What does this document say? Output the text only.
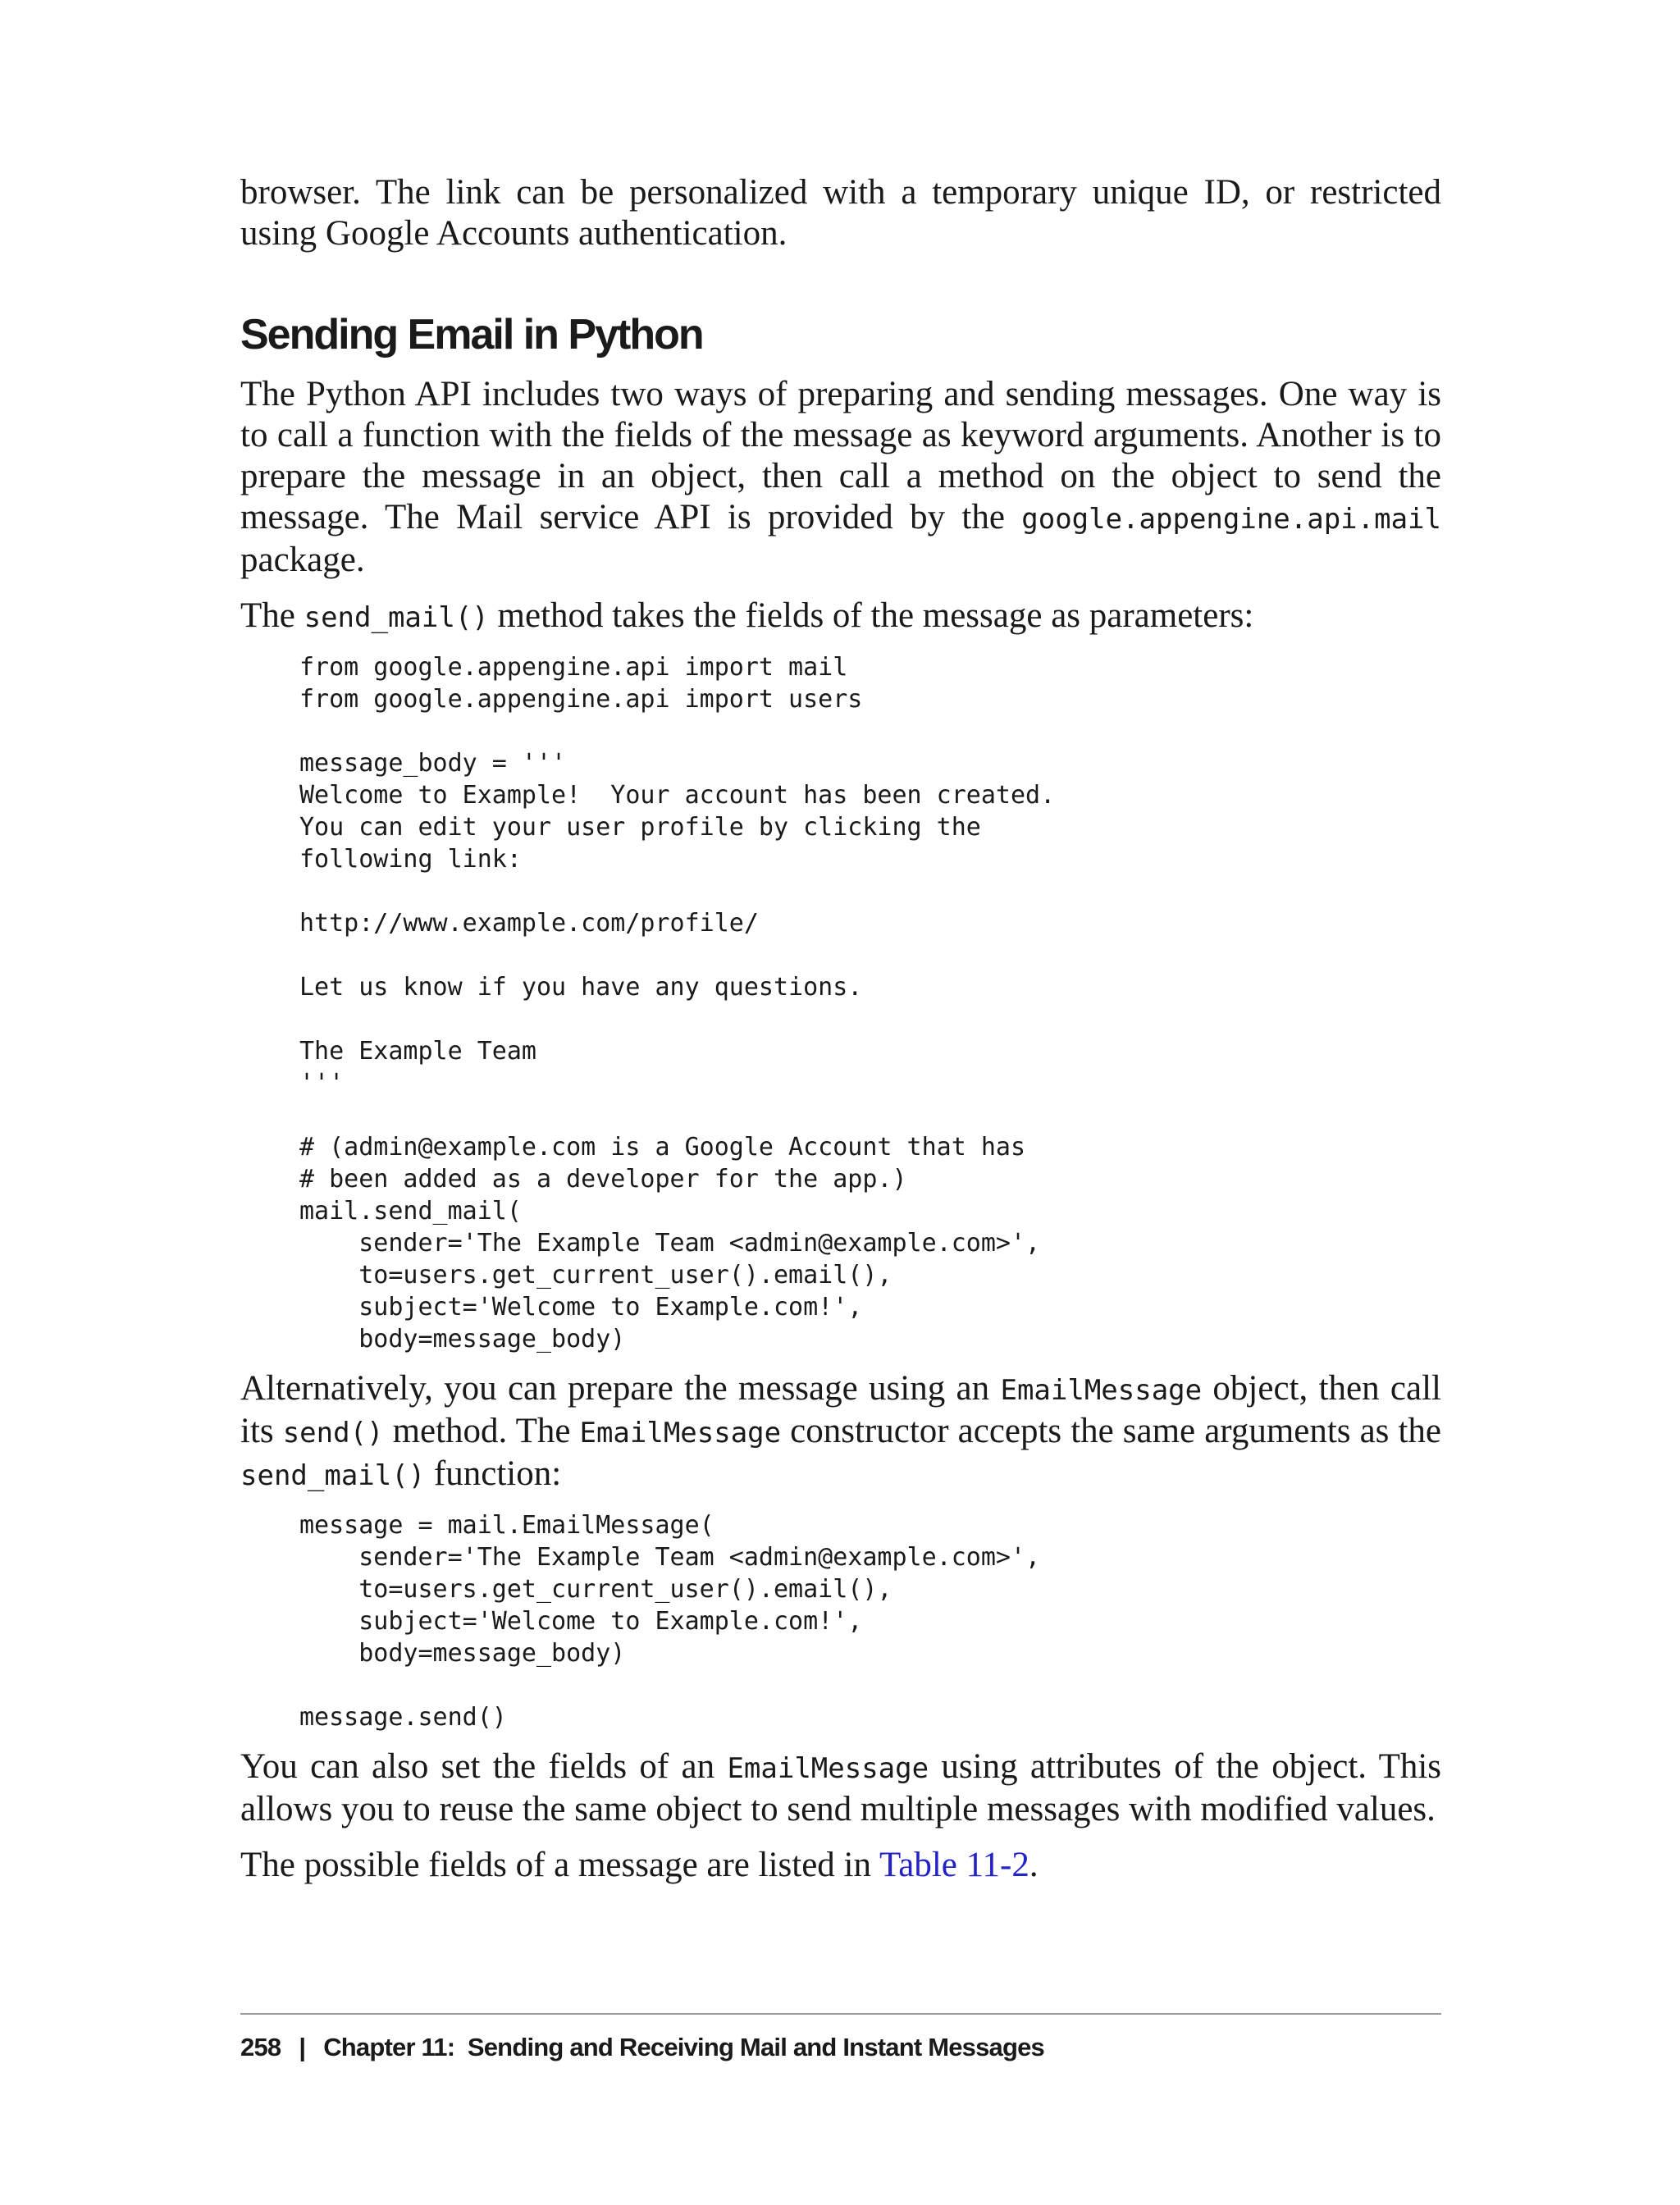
browser. The link can be personalized with a temporary unique ID, or restricted using Google Accounts authentication.

Sending Email in Python

The Python API includes two ways of preparing and sending messages. One way is to call a function with the fields of the message as keyword arguments. Another is to prepare the message in an object, then call a method on the object to send the message. The Mail service API is provided by the google.appengine.api.mail package.

The send_mail() method takes the fields of the message as parameters:

from google.appengine.api import mail
from google.appengine.api import users

message_body = '''
Welcome to Example!  Your account has been created.
You can edit your user profile by clicking the
following link:

http://www.example.com/profile/

Let us know if you have any questions.

The Example Team
'''

# (admin@example.com is a Google Account that has
# been added as a developer for the app.)
mail.send_mail(
sender='The Example Team <admin@example.com>',
to=users.get_current_user().email(),
subject='Welcome to Example.com!',
body=message_body)

Alternatively, you can prepare the message using an EmailMessage object, then call its send() method. The EmailMessage constructor accepts the same arguments as the send_mail() function:

message = mail.EmailMessage(
sender='The Example Team <admin@example.com>',
to=users.get_current_user().email(),
subject='Welcome to Example.com!',
body=message_body)

message.send()

You can also set the fields of an EmailMessage using attributes of the object. This allows you to reuse the same object to send multiple messages with modified values.

The possible fields of a message are listed in Table 11-2.

258 | Chapter 11:  Sending and Receiving Mail and Instant Messages
